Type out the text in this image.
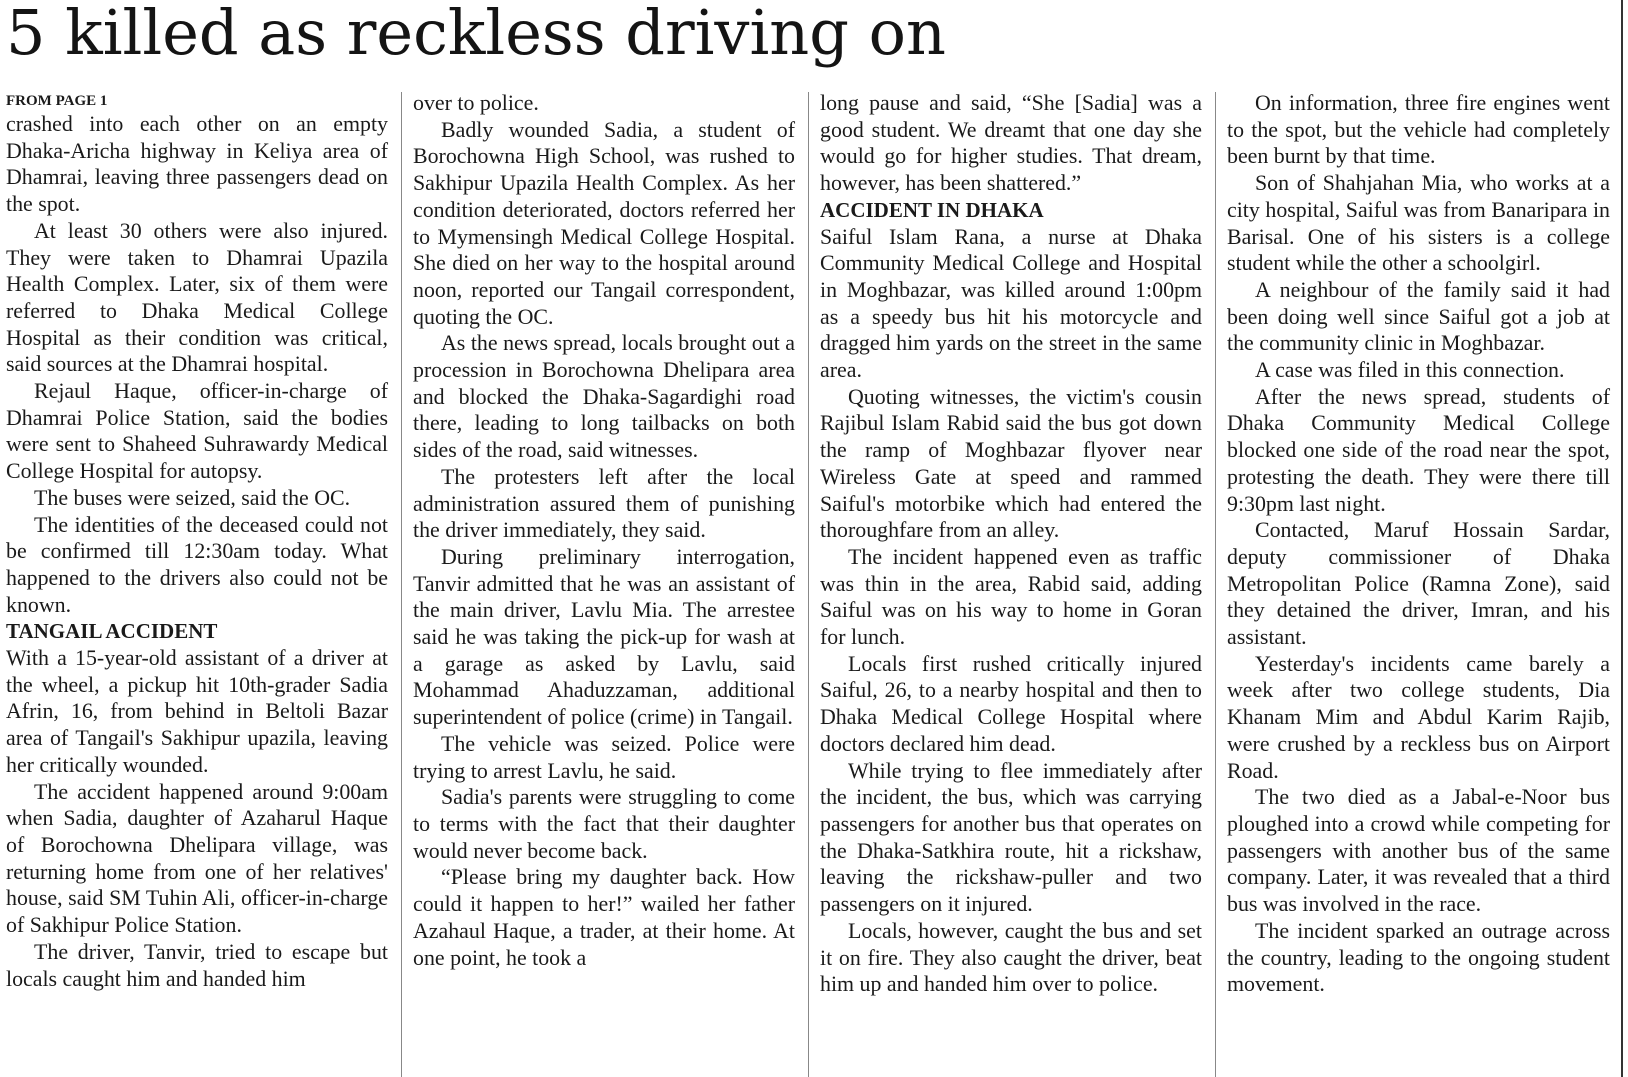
5 killed as reckless driving on
FROM PAGE 1

crashed into each other on an empty Dhaka-Aricha highway in Keliya area of Dhamrai, leaving three passengers dead on the spot.

At least 30 others were also injured. They were taken to Dhamrai Upazila Health Complex. Later, six of them were referred to Dhaka Medical College Hospital as their condition was critical, said sources at the Dhamrai hospital.

Rejaul Haque, officer-in-charge of Dhamrai Police Station, said the bodies were sent to Shaheed Suhrawardy Medical College Hospital for autopsy.

The buses were seized, said the OC.

The identities of the deceased could not be confirmed till 12:30am today. What happened to the drivers also could not be known.

TANGAIL ACCIDENT

With a 15-year-old assistant of a driver at the wheel, a pickup hit 10th-grader Sadia Afrin, 16, from behind in Beltoli Bazar area of Tangail's Sakhipur upazila, leaving her critically wounded.

The accident happened around 9:00am when Sadia, daughter of Azaharul Haque of Borochowna Dhelipara village, was returning home from one of her relatives' house, said SM Tuhin Ali, officer-in-charge of Sakhipur Police Station.

The driver, Tanvir, tried to escape but locals caught him and handed him

over to police.

Badly wounded Sadia, a student of Borochowna High School, was rushed to Sakhipur Upazila Health Complex. As her condition deteriorated, doctors referred her to Mymensingh Medical College Hospital. She died on her way to the hospital around noon, reported our Tangail correspondent, quoting the OC.

As the news spread, locals brought out a procession in Borochowna Dhelipara area and blocked the Dhaka-Sagardighi road there, leading to long tailbacks on both sides of the road, said witnesses.

The protesters left after the local administration assured them of punishing the driver immediately, they said.

During preliminary interrogation, Tanvir admitted that he was an assistant of the main driver, Lavlu Mia. The arrestee said he was taking the pick-up for wash at a garage as asked by Lavlu, said Mohammad Ahaduzzaman, additional superintendent of police (crime) in Tangail.

The vehicle was seized. Police were trying to arrest Lavlu, he said.

Sadia's parents were struggling to come to terms with the fact that their daughter would never become back.

“Please bring my daughter back. How could it happen to her!” wailed her father Azahaul Haque, a trader, at their home. At one point, he took a

long pause and said, “She [Sadia] was a good student. We dreamt that one day she would go for higher studies. That dream, however, has been shattered.”

ACCIDENT IN DHAKA

Saiful Islam Rana, a nurse at Dhaka Community Medical College and Hospital in Moghbazar, was killed around 1:00pm as a speedy bus hit his motorcycle and dragged him yards on the street in the same area.

Quoting witnesses, the victim's cousin Rajibul Islam Rabid said the bus got down the ramp of Moghbazar flyover near Wireless Gate at speed and rammed Saiful's motorbike which had entered the thoroughfare from an alley.

The incident happened even as traffic was thin in the area, Rabid said, adding Saiful was on his way to home in Goran for lunch.

Locals first rushed critically injured Saiful, 26, to a nearby hospital and then to Dhaka Medical College Hospital where doctors declared him dead.

While trying to flee immediately after the incident, the bus, which was carrying passengers for another bus that operates on the Dhaka-Satkhira route, hit a rickshaw, leaving the rickshaw-puller and two passengers on it injured.

Locals, however, caught the bus and set it on fire. They also caught the driver, beat him up and handed him over to police.

On information, three fire engines went to the spot, but the vehicle had completely been burnt by that time.

Son of Shahjahan Mia, who works at a city hospital, Saiful was from Banaripara in Barisal. One of his sisters is a college student while the other a schoolgirl.

A neighbour of the family said it had been doing well since Saiful got a job at the community clinic in Moghbazar.

A case was filed in this connection.

After the news spread, students of Dhaka Community Medical College blocked one side of the road near the spot, protesting the death. They were there till 9:30pm last night.

Contacted, Maruf Hossain Sardar, deputy commissioner of Dhaka Metropolitan Police (Ramna Zone), said they detained the driver, Imran, and his assistant.

Yesterday's incidents came barely a week after two college students, Dia Khanam Mim and Abdul Karim Rajib, were crushed by a reckless bus on Airport Road.

The two died as a Jabal-e-Noor bus ploughed into a crowd while competing for passengers with another bus of the same company. Later, it was revealed that a third bus was involved in the race.

The incident sparked an outrage across the country, leading to the ongoing student movement.
